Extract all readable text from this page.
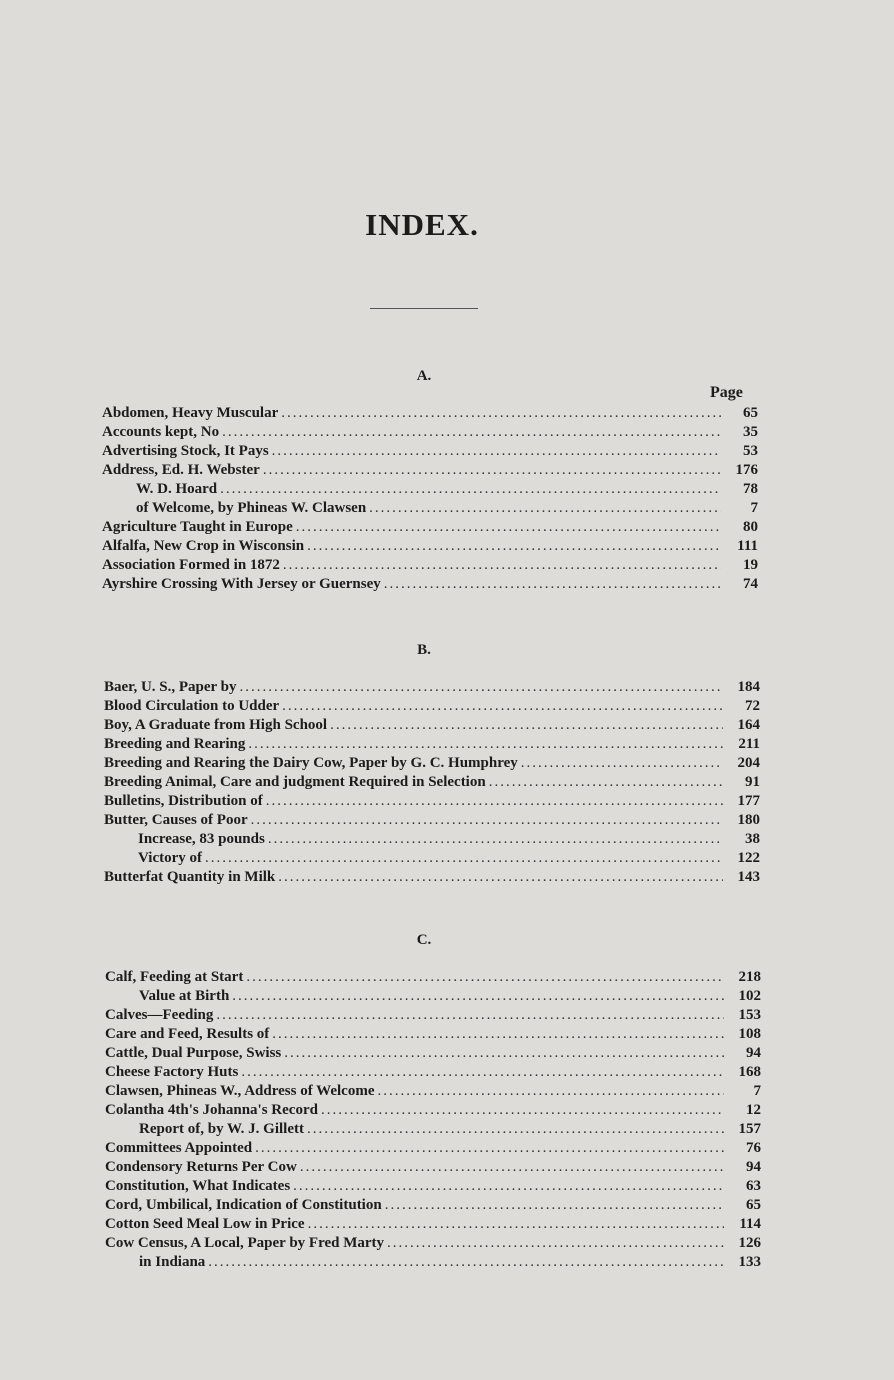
INDEX.
A.
Page
Abdomen, Heavy Muscular .....	65
Accounts kept, No .....	35
Advertising Stock, It Pays .....	53
Address, Ed. H. Webster .....	176
W. D. Hoard .....	78
of Welcome, by Phineas W. Clawsen .....	7
Agriculture Taught in Europe .....	80
Alfalfa, New Crop in Wisconsin .....	111
Association Formed in 1872 .....	19
Ayrshire Crossing With Jersey or Guernsey .....	74
B.
Baer, U. S., Paper by .....	184
Blood Circulation to Udder .....	72
Boy, A Graduate from High School .....	164
Breeding and Rearing .....	211
Breeding and Rearing the Dairy Cow, Paper by G. C. Humphrey .....	204
Breeding Animal, Care and judgment Required in Selection .....	91
Bulletins, Distribution of .....	177
Butter, Causes of Poor .....	180
Increase, 83 pounds .....	38
Victory of .....	122
Butterfat Quantity in Milk .....	143
C.
Calf, Feeding at Start .....	218
Value at Birth .....	102
Calves—Feeding .....	153
Care and Feed, Results of .....	108
Cattle, Dual Purpose, Swiss .....	94
Cheese Factory Huts .....	168
Clawsen, Phineas W., Address of Welcome .....	7
Colantha 4th's Johanna's Record .....	12
Report of, by W. J. Gillett .....	157
Committees Appointed .....	76
Condensory Returns Per Cow .....	94
Constitution, What Indicates .....	63
Cord, Umbilical, Indication of Constitution .....	65
Cotton Seed Meal Low in Price .....	114
Cow Census, A Local, Paper by Fred Marty .....	126
in Indiana .....	133
